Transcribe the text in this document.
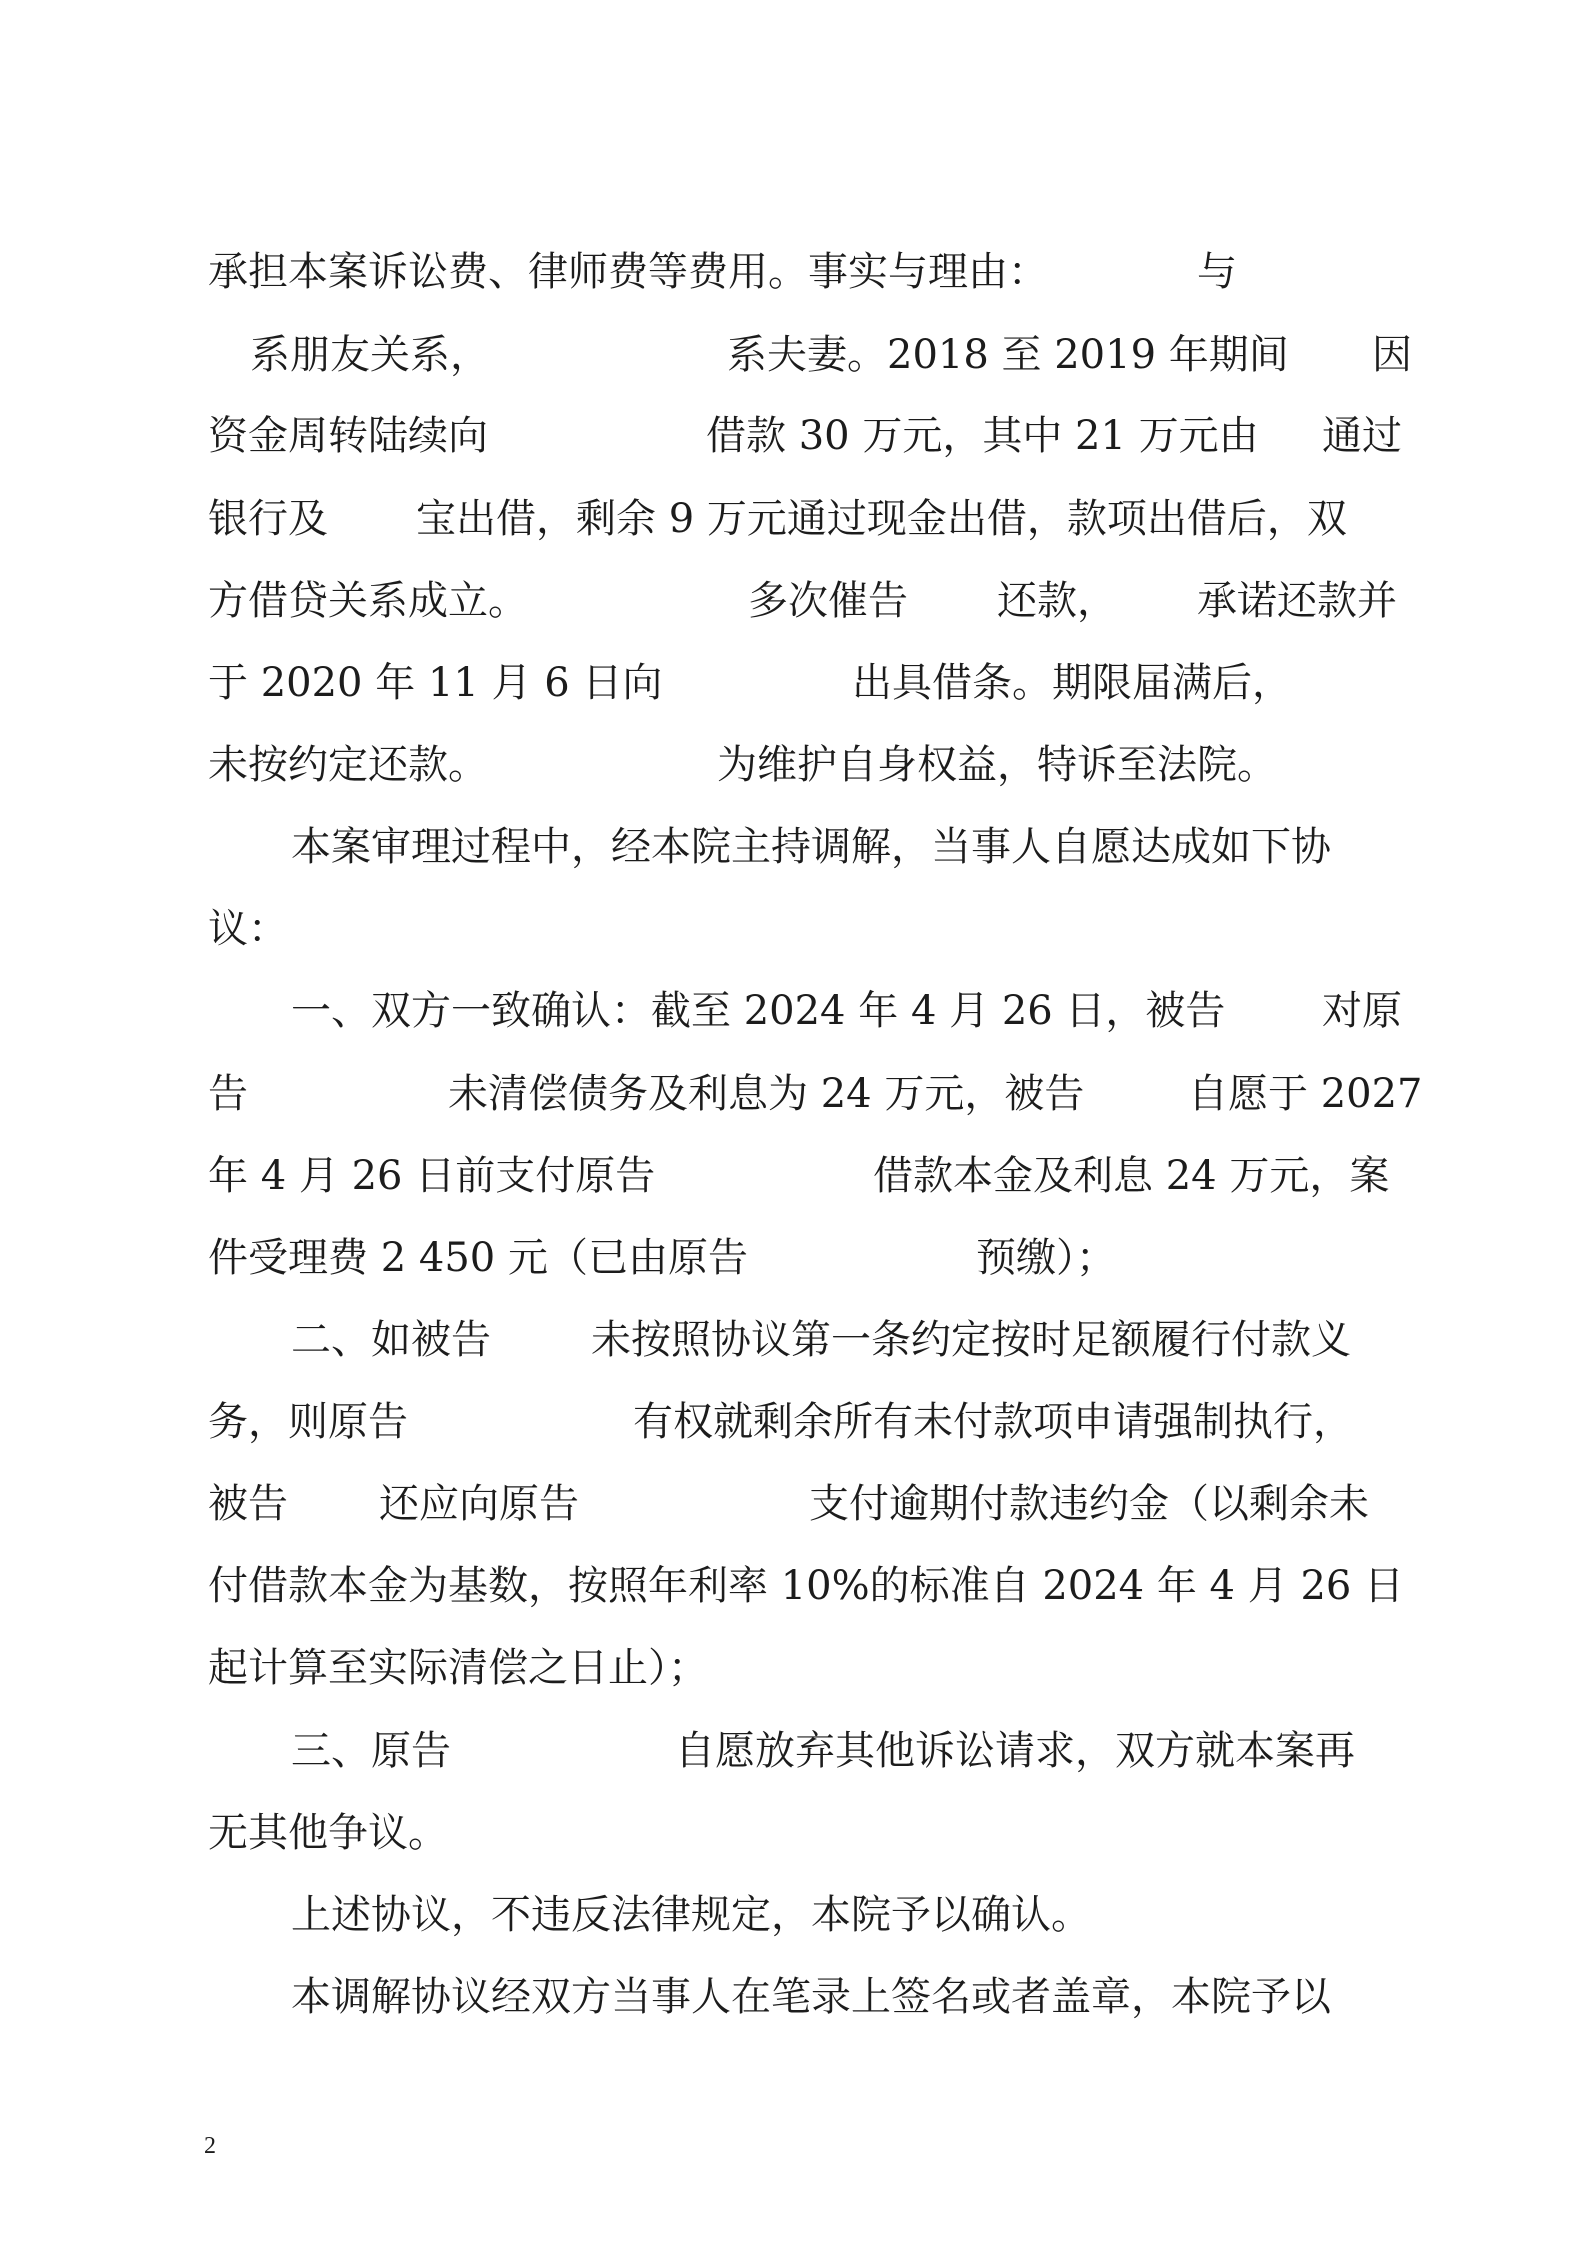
承担本案诉讼费、律师费等费用。事实与理由：	与
系朋友关系，	系夫妻。2018 至 2019 年期间 因
资金周转陆续向	借款 30 万元，其中 21 万元由 通过
银行及 宝出借，剩余 9 万元通过现金出借，款项出借后，双
方借贷关系成立。	多次催告 还款， 承诺还款并
于 2020 年 11 月 6 日向	出具借条。期限届满后，
未按约定还款。	为维护自身权益，特诉至法院。
本案审理过程中，经本院主持调解，当事人自愿达成如下协
议：
一、双方一致确认：截至 2024 年 4 月 26 日，被告 对原
告	未清偿债务及利息为 24 万元，被告	自愿于 2027
年 4 月 26 日前支付原告	借款本金及利息 24 万元，案
件受理费 2 450 元（已由原告	预缴）；
二、如被告	未按照协议第一条约定按时足额履行付款义
务，则原告	有权就剩余所有未付款项申请强制执行，
被告 还应向原告	支付逾期付款违约金（以剩余未
付借款本金为基数，按照年利率 10%的标准自 2024 年 4 月 26 日
起计算至实际清偿之日止）；
三、原告	自愿放弃其他诉讼请求，双方就本案再
无其他争议。
上述协议，不违反法律规定，本院予以确认。
本调解协议经双方当事人在笔录上签名或者盖章，本院予以
2
